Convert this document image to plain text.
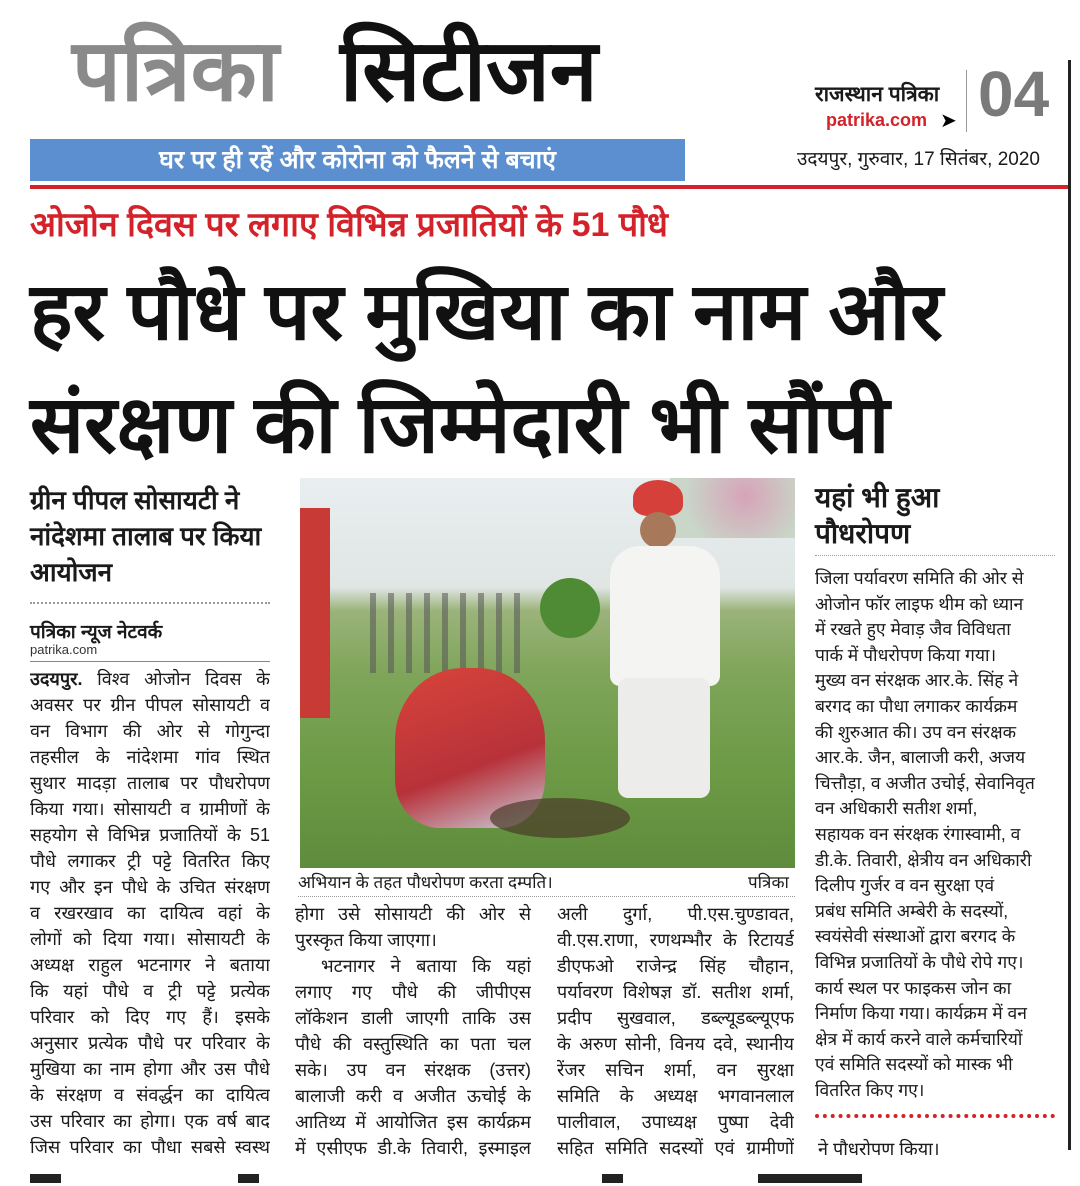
पत्रिका सिटीजन
घर पर ही रहें और कोरोना को फैलने से बचाएं
राजस्थान पत्रिका
patrika.com ➤ 04
उदयपुर, गुरुवार, 17 सितंबर, 2020
ओजोन दिवस पर लगाए विभिन्न प्रजातियों के 51 पौधे
हर पौधे पर मुखिया का नाम और
संरक्षण की जिम्मेदारी भी सौंपी
ग्रीन पीपल सोसायटी ने नांदेशमा तालाब पर किया आयोजन
पत्रिका न्यूज नेटवर्क
patrika.com
उदयपुर. विश्व ओजोन दिवस के
अवसर पर ग्रीन पीपल सोसायटी व
वन विभाग की ओर से गोगुन्दा
तहसील के नांदेशमा गांव स्थित
सुथार मादड़ा तालाब पर पौधरोपण
किया गया। सोसायटी व ग्रामीणों के
सहयोग से विभिन्न प्रजातियों के 51
पौधे लगाकर ट्री पट्टे वितरित किए
गए और इन पौधे के उचित संरक्षण
व रखरखाव का दायित्व वहां के
लोगों को दिया गया। सोसायटी के
अध्यक्ष राहुल भटनागर ने बताया
कि यहां पौधे व ट्री पट्टे प्रत्येक
परिवार को दिए गए हैं। इसके
अनुसार प्रत्येक पौधे पर परिवार के
मुखिया का नाम होगा और उस पौधे
के संरक्षण व संवर्द्धन का दायित्व
उस परिवार का होगा। एक वर्ष बाद
जिस परिवार का पौधा सबसे स्वस्थ
अभियान के तहत पौधरोपण करता दम्पति।	पत्रिका
होगा उसे सोसायटी की ओर से
पुरस्कृत किया जाएगा।
भटनागर ने बताया कि यहां
लगाए गए पौधे की जीपीएस
लॉकेशन डाली जाएगी ताकि उस
पौधे की वस्तुस्थिति का पता चल
सके। उप वन संरक्षक (उत्तर)
बालाजी करी व अजीत ऊचोई के
आतिथ्य में आयोजित इस कार्यक्रम
में एसीएफ डी.के तिवारी, इस्माइल
अली दुर्गा, पी.एस.चुण्डावत,
वी.एस.राणा, रणथम्भौर के रिटायर्ड
डीएफओ राजेन्द्र सिंह चौहान,
पर्यावरण विशेषज्ञ डॉ. सतीश शर्मा,
प्रदीप सुखवाल, डब्ल्यूडब्ल्यूएफ
के अरुण सोनी, विनय दवे, स्थानीय
रेंजर सचिन शर्मा, वन सुरक्षा
समिति के अध्यक्ष भगवानलाल
पालीवाल, उपाध्यक्ष पुष्पा देवी
सहित समिति सदस्यों एवं ग्रामीणों
यहां भी हुआ पौधरोपण
जिला पर्यावरण समिति की ओर से
ओजोन फॉर लाइफ थीम को ध्यान
में रखते हुए मेवाड़ जैव विविधता
पार्क में पौधरोपण किया गया।
मुख्य वन संरक्षक आर.के. सिंह ने
बरगद का पौधा लगाकर कार्यक्रम
की शुरुआत की। उप वन संरक्षक
आर.के. जैन, बालाजी करी, अजय
चित्तौड़ा, व अजीत उचोई, सेवानिवृत
वन अधिकारी सतीश शर्मा,
सहायक वन संरक्षक रंगास्वामी, व
डी.के. तिवारी, क्षेत्रीय वन अधिकारी
दिलीप गुर्जर व वन सुरक्षा एवं
प्रबंध समिति अम्बेरी के सदस्यों,
स्वयंसेवी संस्थाओं द्वारा बरगद के
विभिन्न प्रजातियों के पौधे रोपे गए।
कार्य स्थल पर फाइकस जोन का
निर्माण किया गया। कार्यक्रम में वन
क्षेत्र में कार्य करने वाले कर्मचारियों
एवं समिति सदस्यों को मास्क भी
वितरित किए गए।
ने पौधरोपण किया।
